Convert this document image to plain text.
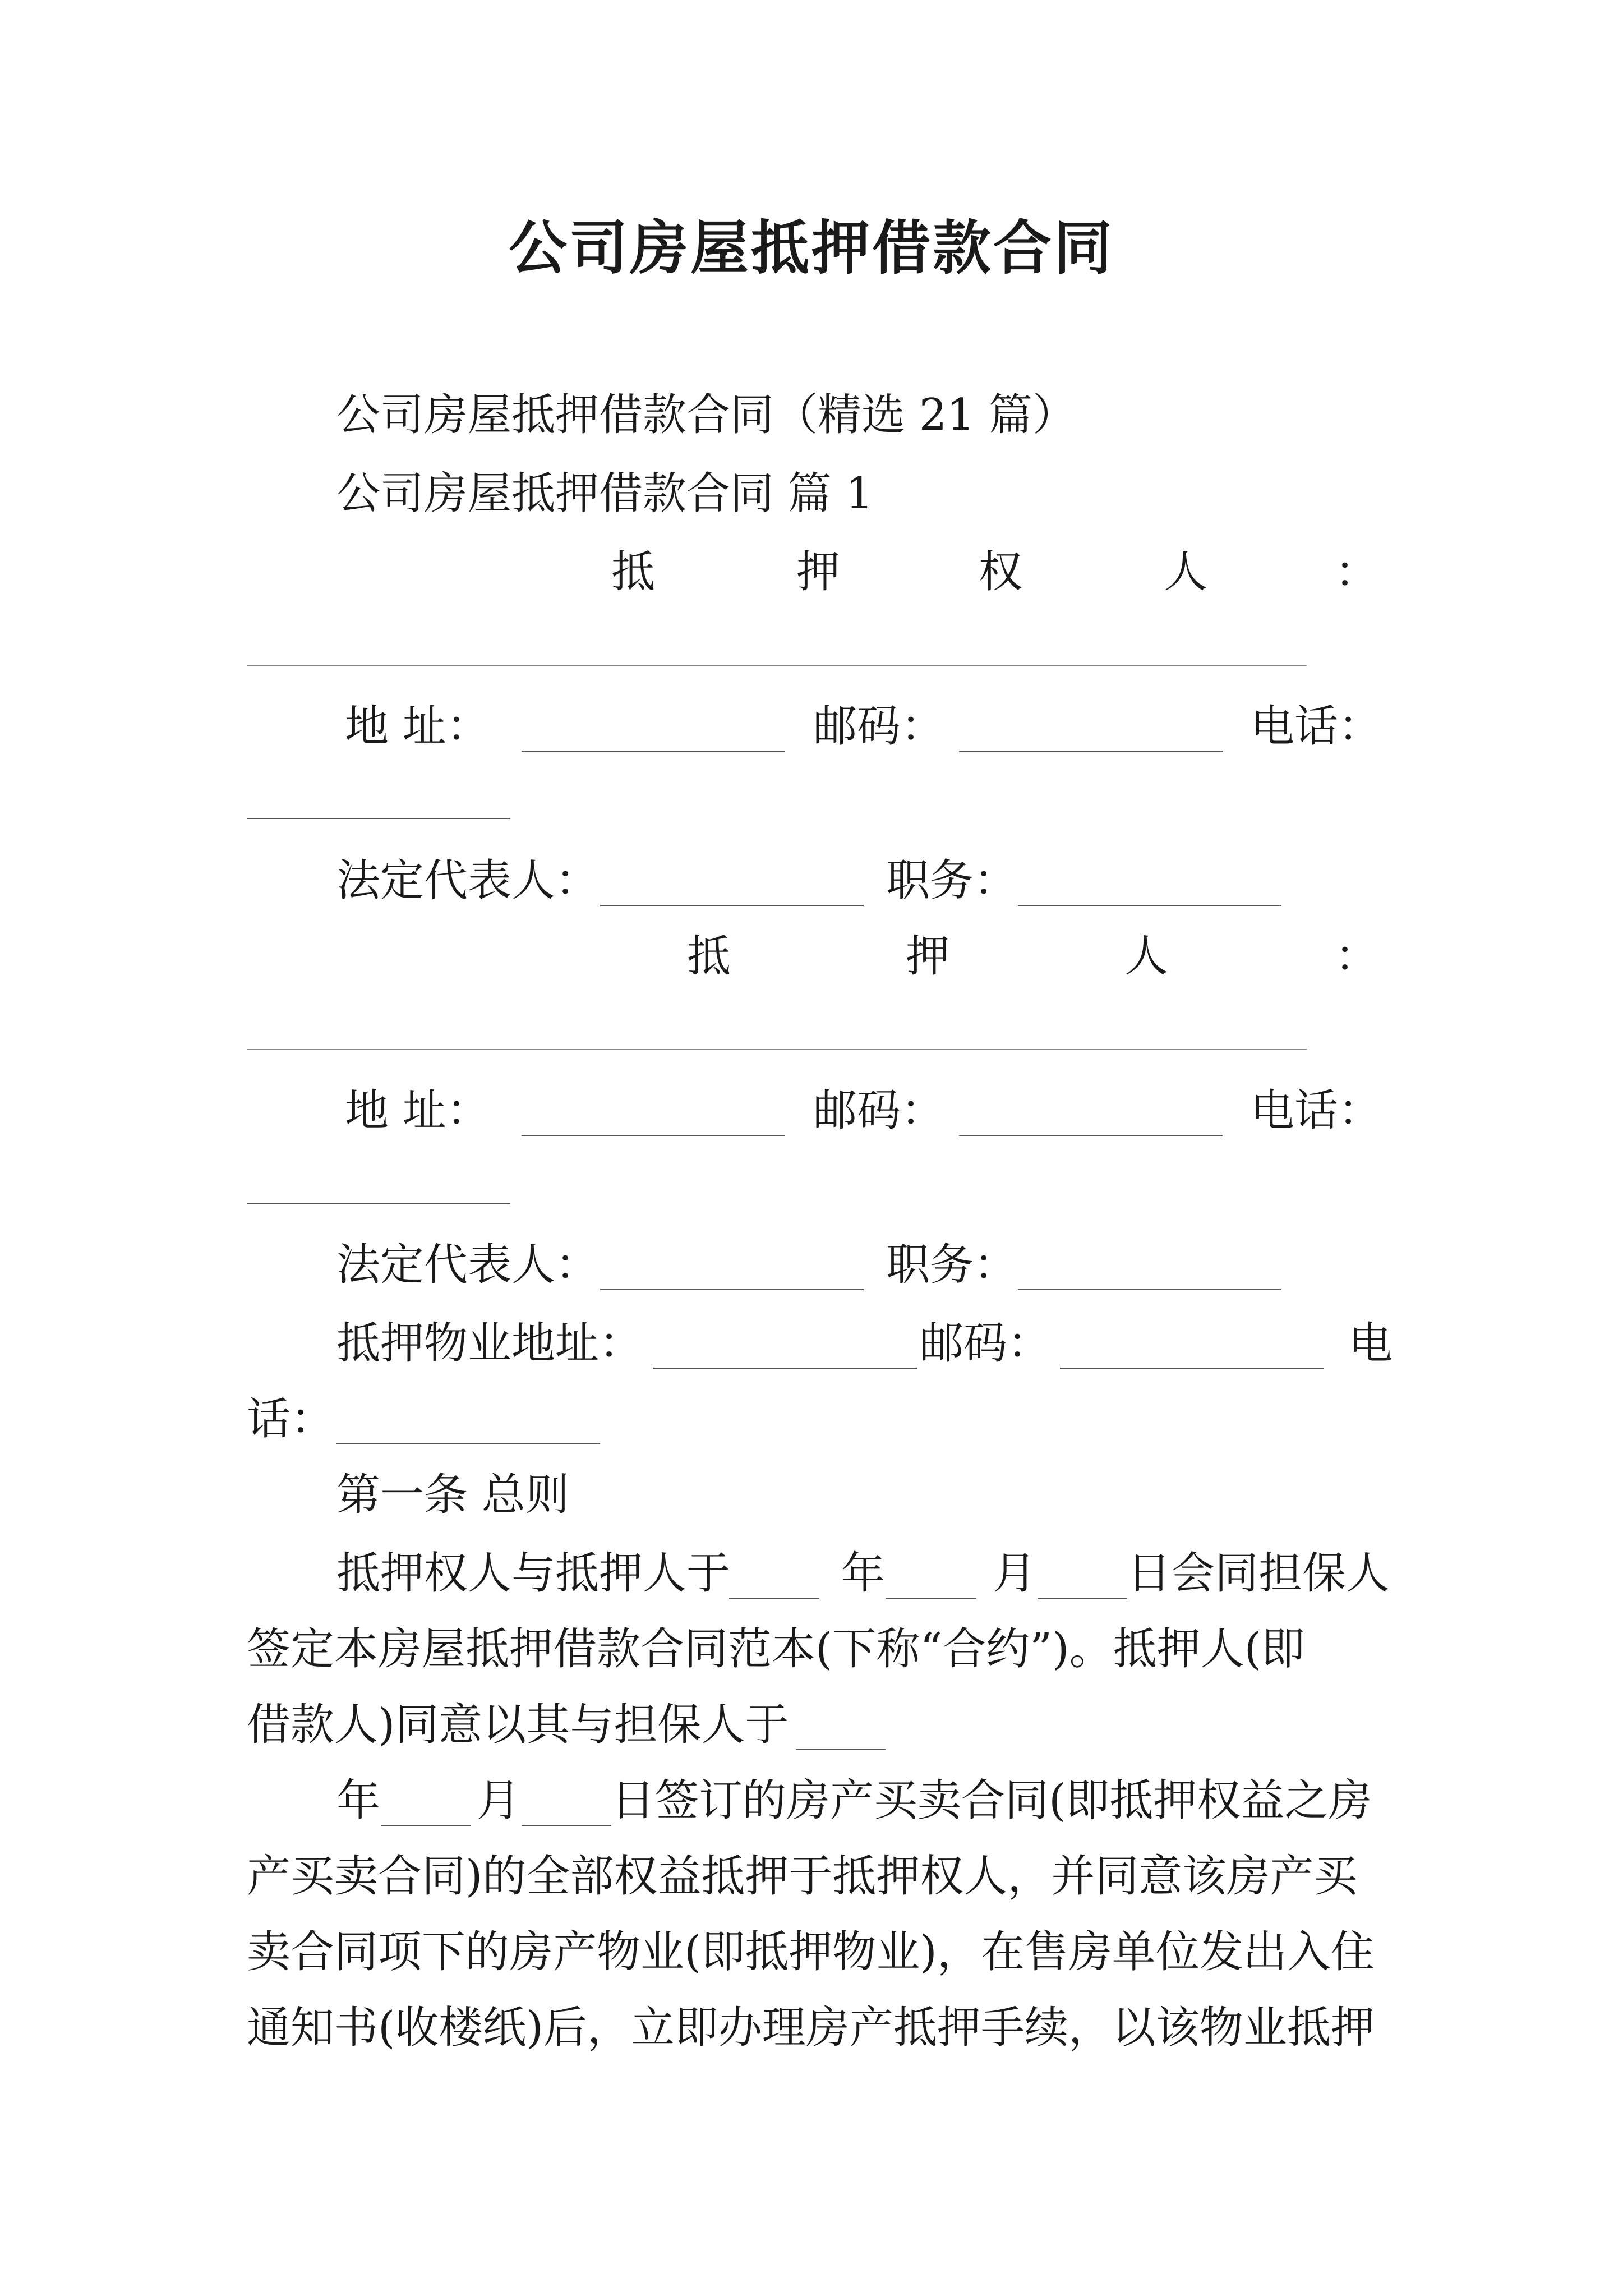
公司房屋抵押借款合同
公司房屋抵押借款合同（精选 21 篇）
公司房屋抵押借款合同 篇 1
抵	押	权	人	：
地 址：	邮码：	电话：
法定代表人：	职务：
抵	押	人	：
地 址：	邮码：	电话：
法定代表人：	职务：
抵押物业地址：	邮码：	电
话：
第一条 总则
抵押权人与抵押人于	年 月 日会同担保人
签定本房屋抵押借款合同范本(下称“合约”)。抵押人(即
借款人)同意以其与担保人于
年 月 日签订的房产买卖合同(即抵押权益之房
产买卖合同)的全部权益抵押于抵押权人，并同意该房产买
卖合同项下的房产物业(即抵押物业)，在售房单位发出入住
通知书(收楼纸)后，立即办理房产抵押手续，以该物业抵押
